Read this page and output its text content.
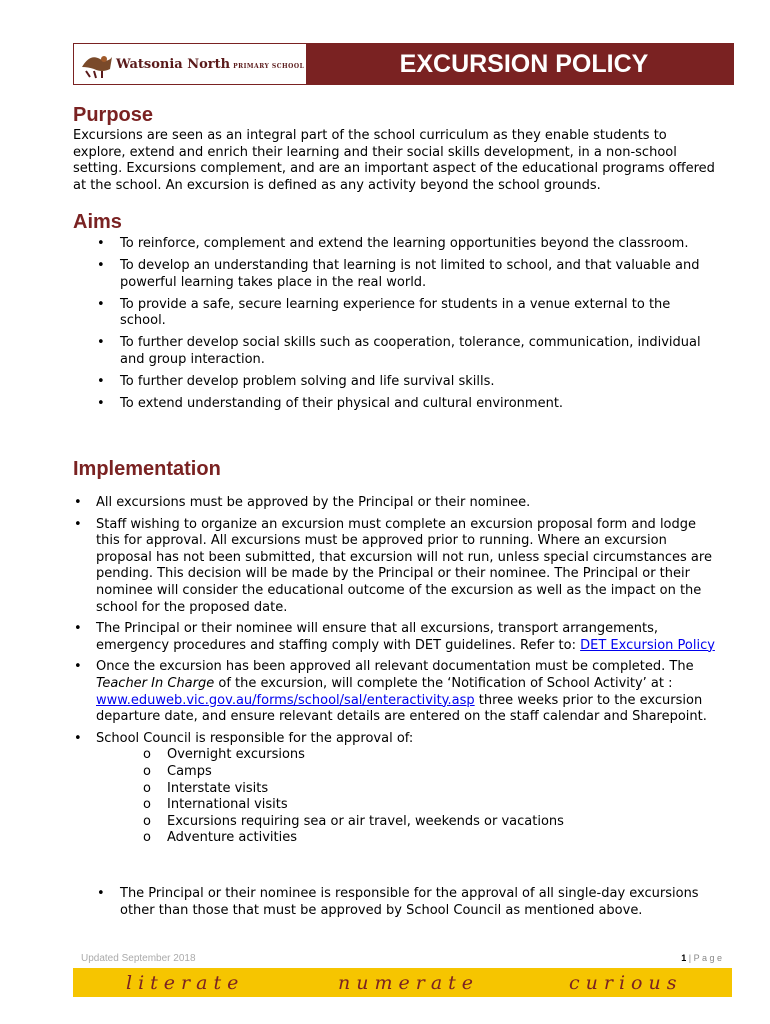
Watsonia North PRIMARY SCHOOL	EXCURSION POLICY
Purpose
Excursions are seen as an integral part of the school curriculum as they enable students to explore, extend and enrich their learning and their social skills development, in a non-school setting. Excursions complement, and are an important aspect of the educational programs offered at the school. An excursion is defined as any activity beyond the school grounds.
Aims
• To reinforce, complement and extend the learning opportunities beyond the classroom.
• To develop an understanding that learning is not limited to school, and that valuable and powerful learning takes place in the real world.
• To provide a safe, secure learning experience for students in a venue external to the school.
• To further develop social skills such as cooperation, tolerance, communication, individual and group interaction.
• To further develop problem solving and life survival skills.
• To extend understanding of their physical and cultural environment.
Implementation
• All excursions must be approved by the Principal or their nominee.
• Staff wishing to organize an excursion must complete an excursion proposal form and lodge this for approval. All excursions must be approved prior to running. Where an excursion proposal has not been submitted, that excursion will not run, unless special circumstances are pending. This decision will be made by the Principal or their nominee. The Principal or their nominee will consider the educational outcome of the excursion as well as the impact on the school for the proposed date.
• The Principal or their nominee will ensure that all excursions, transport arrangements, emergency procedures and staffing comply with DET guidelines. Refer to: DET Excursion Policy
• Once the excursion has been approved all relevant documentation must be completed. The Teacher In Charge of the excursion, will complete the ‘Notification of School Activity’ at : www.eduweb.vic.gov.au/forms/school/sal/enteractivity.asp three weeks prior to the excursion departure date, and ensure relevant details are entered on the staff calendar and Sharepoint.
• School Council is responsible for the approval of:
o Overnight excursions
o Camps
o Interstate visits
o International visits
o Excursions requiring sea or air travel, weekends or vacations
o Adventure activities
• The Principal or their nominee is responsible for the approval of all single-day excursions other than those that must be approved by School Council as mentioned above.
Updated September 2018	1 | P a g e
literate	numerate	curious
